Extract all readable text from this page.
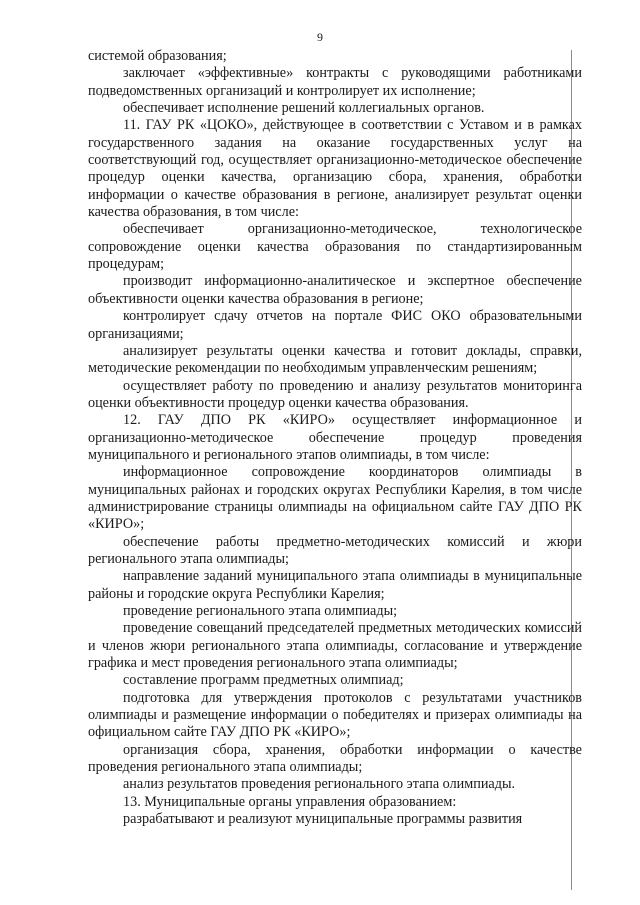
9

системой образования;

заключает «эффективные» контракты с руководящими работниками подведомственных организаций и контролирует их исполнение;

обеспечивает исполнение решений коллегиальных органов.

11. ГАУ РК «ЦОКО», действующее в соответствии с Уставом и в рамках государственного задания на оказание государственных услуг на соответствующий год, осуществляет организационно-методическое обеспечение процедур оценки качества, организацию сбора, хранения, обработки информации о качестве образования в регионе, анализирует результат оценки качества образования, в том числе:

обеспечивает организационно-методическое, технологическое сопровождение оценки качества образования по стандартизированным процедурам;

производит информационно-аналитическое и экспертное обеспечение объективности оценки качества образования в регионе;

контролирует сдачу отчетов на портале ФИС ОКО образовательными организациями;

анализирует результаты оценки качества и готовит доклады, справки, методические рекомендации по необходимым управленческим решениям;

осуществляет работу по проведению и анализу результатов мониторинга оценки объективности процедур оценки качества образования.

12. ГАУ ДПО РК «КИРО» осуществляет информационное и организационно-методическое обеспечение процедур проведения муниципального и регионального этапов олимпиады, в том числе:

информационное сопровождение координаторов олимпиады в муниципальных районах и городских округах Республики Карелия, в том числе администрирование страницы олимпиады на официальном сайте ГАУ ДПО РК «КИРО»;

обеспечение работы предметно-методических комиссий и жюри регионального этапа олимпиады;

направление заданий муниципального этапа олимпиады в муниципальные районы и городские округа Республики Карелия;

проведение регионального этапа олимпиады;

проведение совещаний председателей предметных методических комиссий и членов жюри регионального этапа олимпиады, согласование и утверждение графика и мест проведения регионального этапа олимпиады;

составление программ предметных олимпиад;

подготовка для утверждения протоколов с результатами участников олимпиады и размещение информации о победителях и призерах олимпиады на официальном сайте ГАУ ДПО РК «КИРО»;

организация сбора, хранения, обработки информации о качестве проведения регионального этапа олимпиады;

анализ результатов проведения регионального этапа олимпиады.

13. Муниципальные органы управления образованием:

разрабатывают и реализуют муниципальные программы развития
